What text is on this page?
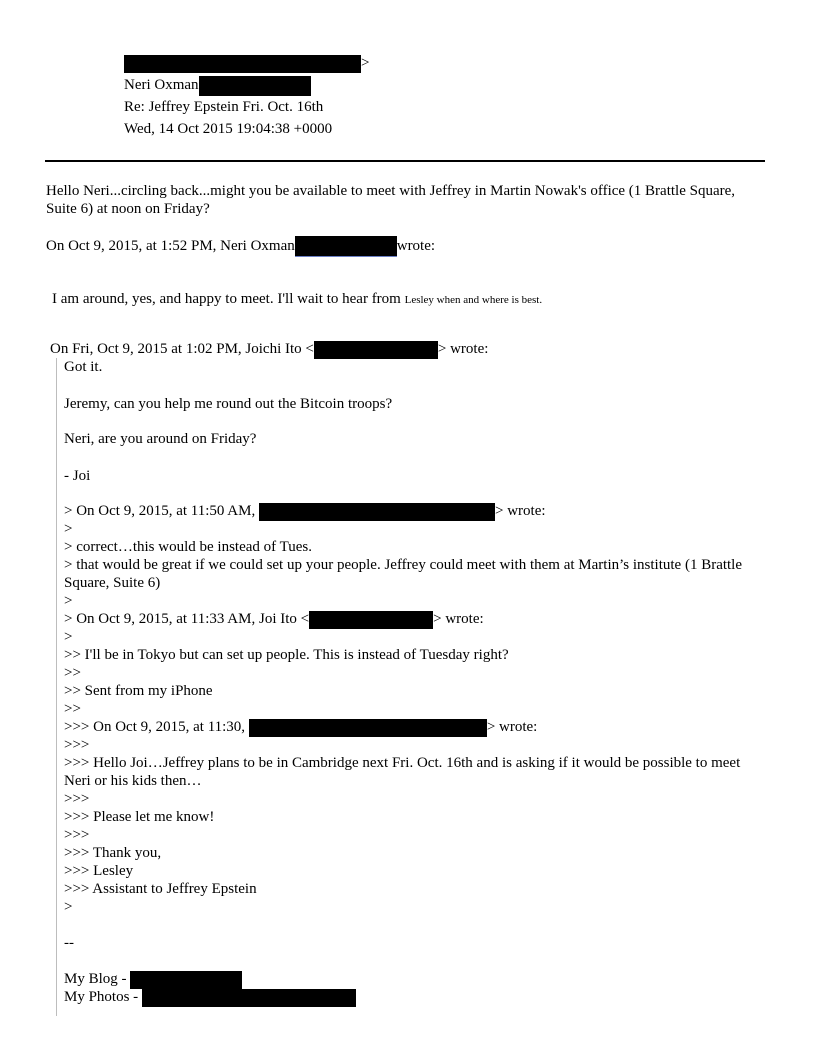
>
Neri Oxman
Re: Jeffrey Epstein Fri. Oct. 16th
Wed, 14 Oct 2015 19:04:38 +0000
Hello Neri...circling back...might you be available to meet with Jeffrey in Martin Nowak's office (1 Brattle Square, Suite 6) at noon on Friday?
On Oct 9, 2015, at 1:52 PM, Neri Oxman	wrote:
I am around, yes, and happy to meet. I'll wait to hear from Lesley when and where is best.
On Fri, Oct 9, 2015 at 1:02 PM, Joichi Ito <	> wrote:
Got it.
Jeremy, can you help me round out the Bitcoin troops?
Neri, are you around on Friday?
- Joi
> On Oct 9, 2015, at 11:50 AM,	> wrote:
>
> correct…this would be instead of Tues.
> that would be great if we could set up your people. Jeffrey could meet with them at Martin’s institute (1 Brattle Square, Suite 6)
>
> On Oct 9, 2015, at 11:33 AM, Joi Ito <	> wrote:
>
>> I'll be in Tokyo but can set up people. This is instead of Tuesday right?
>>
>> Sent from my iPhone
>>
>>> On Oct 9, 2015, at 11:30,	> wrote:
>>>
>>> Hello Joi…Jeffrey plans to be in Cambridge next Fri. Oct. 16th and is asking if it would be possible to meet Neri or his kids then…
>>>
>>> Please let me know!
>>>
>>> Thank you,
>>> Lesley
>>> Assistant to Jeffrey Epstein
>
--
My Blog -
My Photos -
